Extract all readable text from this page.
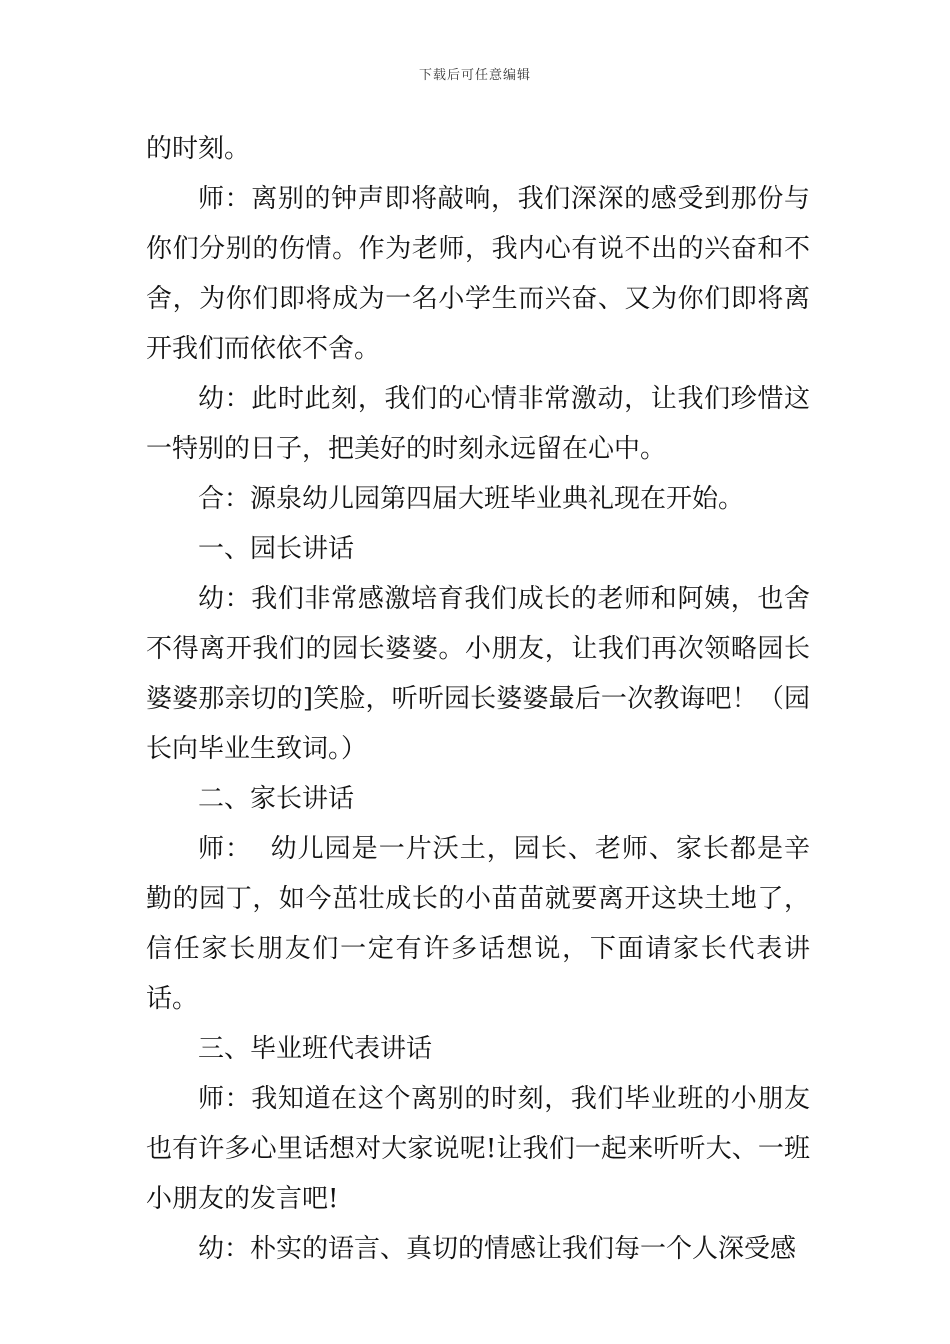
下载后可任意编辑

的时刻。

师：离别的钟声即将敲响，我们深深的感受到那份与你们分别的伤情。作为老师，我内心有说不出的兴奋和不舍，为你们即将成为一名小学生而兴奋、又为你们即将离开我们而依依不舍。

幼：此时此刻，我们的心情非常激动，让我们珍惜这一特别的日子，把美好的时刻永远留在心中。

合：源泉幼儿园第四届大班毕业典礼现在开始。

一、园长讲话

幼：我们非常感激培育我们成长的老师和阿姨，也舍不得离开我们的园长婆婆。小朋友，让我们再次领略园长婆婆那亲切的]笑脸，听听园长婆婆最后一次教诲吧！（园长向毕业生致词。）

二、家长讲话

师：  幼儿园是一片沃土，园长、老师、家长都是辛勤的园丁，如今茁壮成长的小苗苗就要离开这块土地了，信任家长朋友们一定有许多话想说，下面请家长代表讲话。

三、毕业班代表讲话

师：我知道在这个离别的时刻，我们毕业班的小朋友也有许多心里话想对大家说呢!让我们一起来听听大、一班小朋友的发言吧!

幼：朴实的语言、真切的情感让我们每一个人深受感
